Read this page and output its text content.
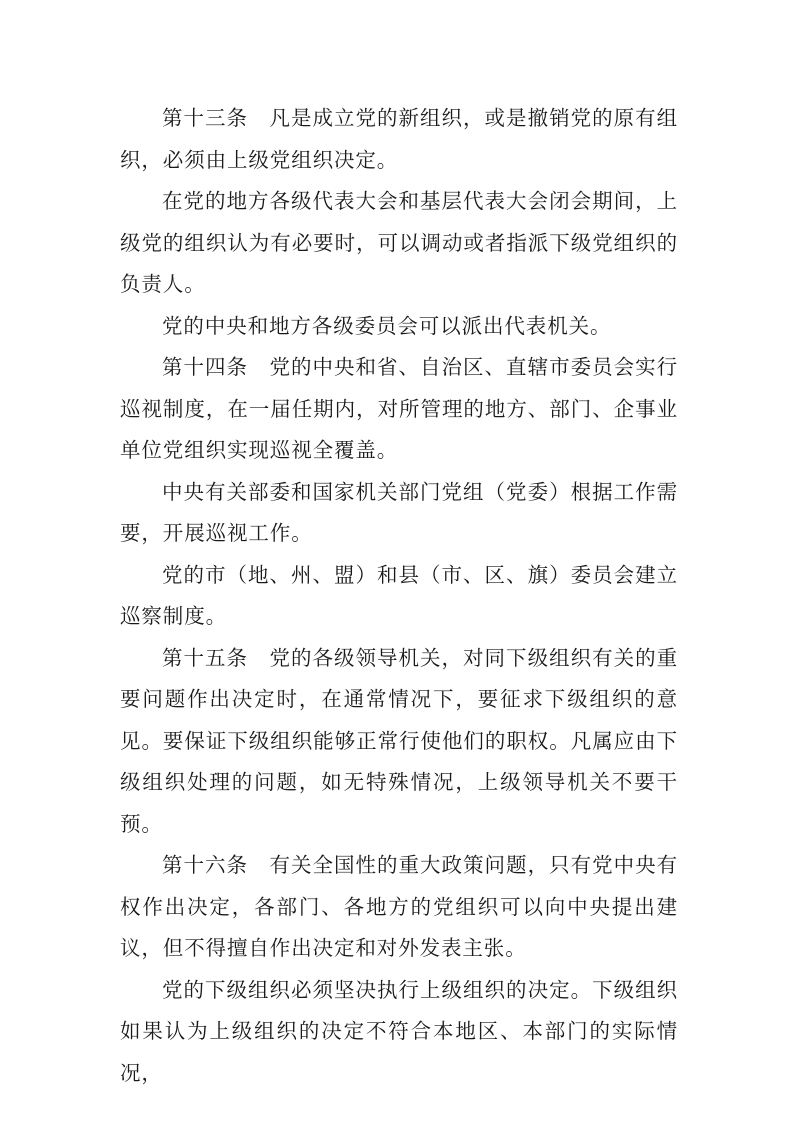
第十三条　凡是成立党的新组织，或是撤销党的原有组织，必须由上级党组织决定。

在党的地方各级代表大会和基层代表大会闭会期间，上级党的组织认为有必要时，可以调动或者指派下级党组织的负责人。

党的中央和地方各级委员会可以派出代表机关。

第十四条　党的中央和省、自治区、直辖市委员会实行巡视制度，在一届任期内，对所管理的地方、部门、企事业单位党组织实现巡视全覆盖。

中央有关部委和国家机关部门党组（党委）根据工作需要，开展巡视工作。

党的市（地、州、盟）和县（市、区、旗）委员会建立巡察制度。

第十五条　党的各级领导机关，对同下级组织有关的重要问题作出决定时，在通常情况下，要征求下级组织的意见。要保证下级组织能够正常行使他们的职权。凡属应由下级组织处理的问题，如无特殊情况，上级领导机关不要干预。

第十六条　有关全国性的重大政策问题，只有党中央有权作出决定，各部门、各地方的党组织可以向中央提出建议，但不得擅自作出决定和对外发表主张。

党的下级组织必须坚决执行上级组织的决定。下级组织如果认为上级组织的决定不符合本地区、本部门的实际情况，
